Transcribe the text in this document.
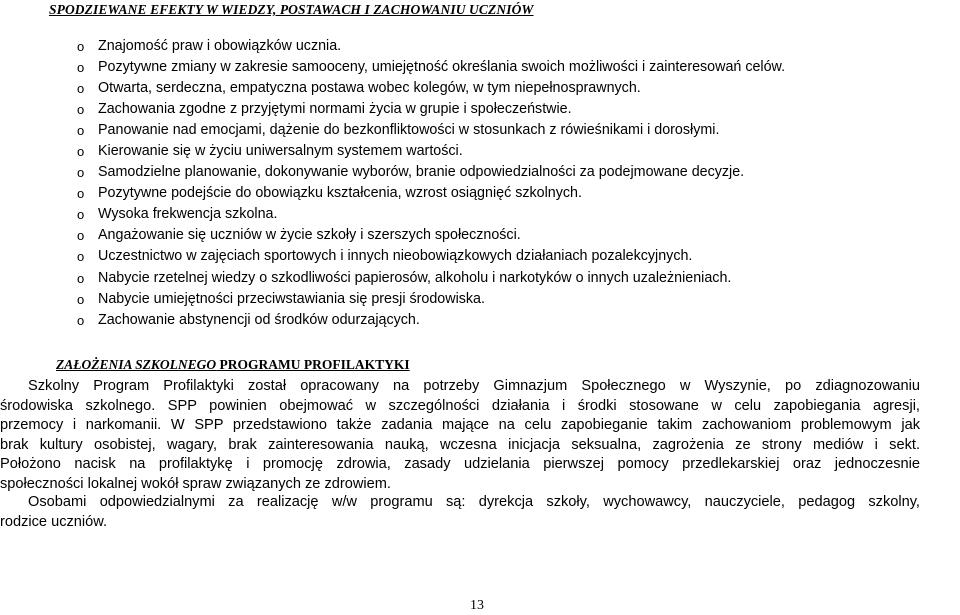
SPODZIEWANE EFEKTY W WIEDZY, POSTAWACH I ZACHOWANIU UCZNIÓW
o Znajomość praw i obowiązków ucznia.
o Pozytywne zmiany w zakresie samooceny, umiejętność określania swoich możliwości i zainteresowań celów.
o Otwarta, serdeczna, empatyczna postawa wobec kolegów, w tym niepełnosprawnych.
o Zachowania zgodne z przyjętymi normami życia w grupie i społeczeństwie.
o Panowanie nad emocjami, dążenie do bezkonfliktowości w stosunkach z rówieśnikami i dorosłymi.
o Kierowanie się w życiu uniwersalnym systemem wartości.
o Samodzielne planowanie, dokonywanie wyborów, branie odpowiedzialności za podejmowane decyzje.
o Pozytywne podejście do obowiązku kształcenia, wzrost osiągnięć szkolnych.
o Wysoka frekwencja szkolna.
o Angażowanie się uczniów w życie szkoły i szerszych społeczności.
o Uczestnictwo w zajęciach sportowych i innych nieobowiązkowych działaniach pozalekcyjnych.
o Nabycie rzetelnej wiedzy o szkodliwości papierosów, alkoholu i narkotyków o innych uzależnieniach.
o Nabycie umiejętności przeciwstawiania się presji środowiska.
o Zachowanie abstynencji od środków odurzających.
ZAŁOŻENIA SZKOLNEGO PROGRAMU PROFILAKTYKI
Szkolny Program Profilaktyki został opracowany na potrzeby Gimnazjum Społecznego w Wyszynie, po zdiagnozowaniu
środowiska szkolnego. SPP powinien obejmować w szczególności działania i środki stosowane w celu zapobiegania agresji,
przemocy i narkomanii. W SPP przedstawiono także zadania mające na celu zapobieganie takim zachowaniom problemowym jak
brak kultury osobistej, wagary, brak zainteresowania nauką, wczesna inicjacja seksualna, zagrożenia ze strony mediów i sekt.
Położono nacisk na profilaktykę i promocję zdrowia, zasady udzielania pierwszej pomocy przedlekarskiej oraz jednoczesnie
społeczności lokalnej wokół spraw związanych ze zdrowiem.
Osobami odpowiedzialnymi za realizację w/w programu są: dyrekcja szkoły, wychowawcy, nauczyciele, pedagog szkolny,
rodzice uczniów.
13
